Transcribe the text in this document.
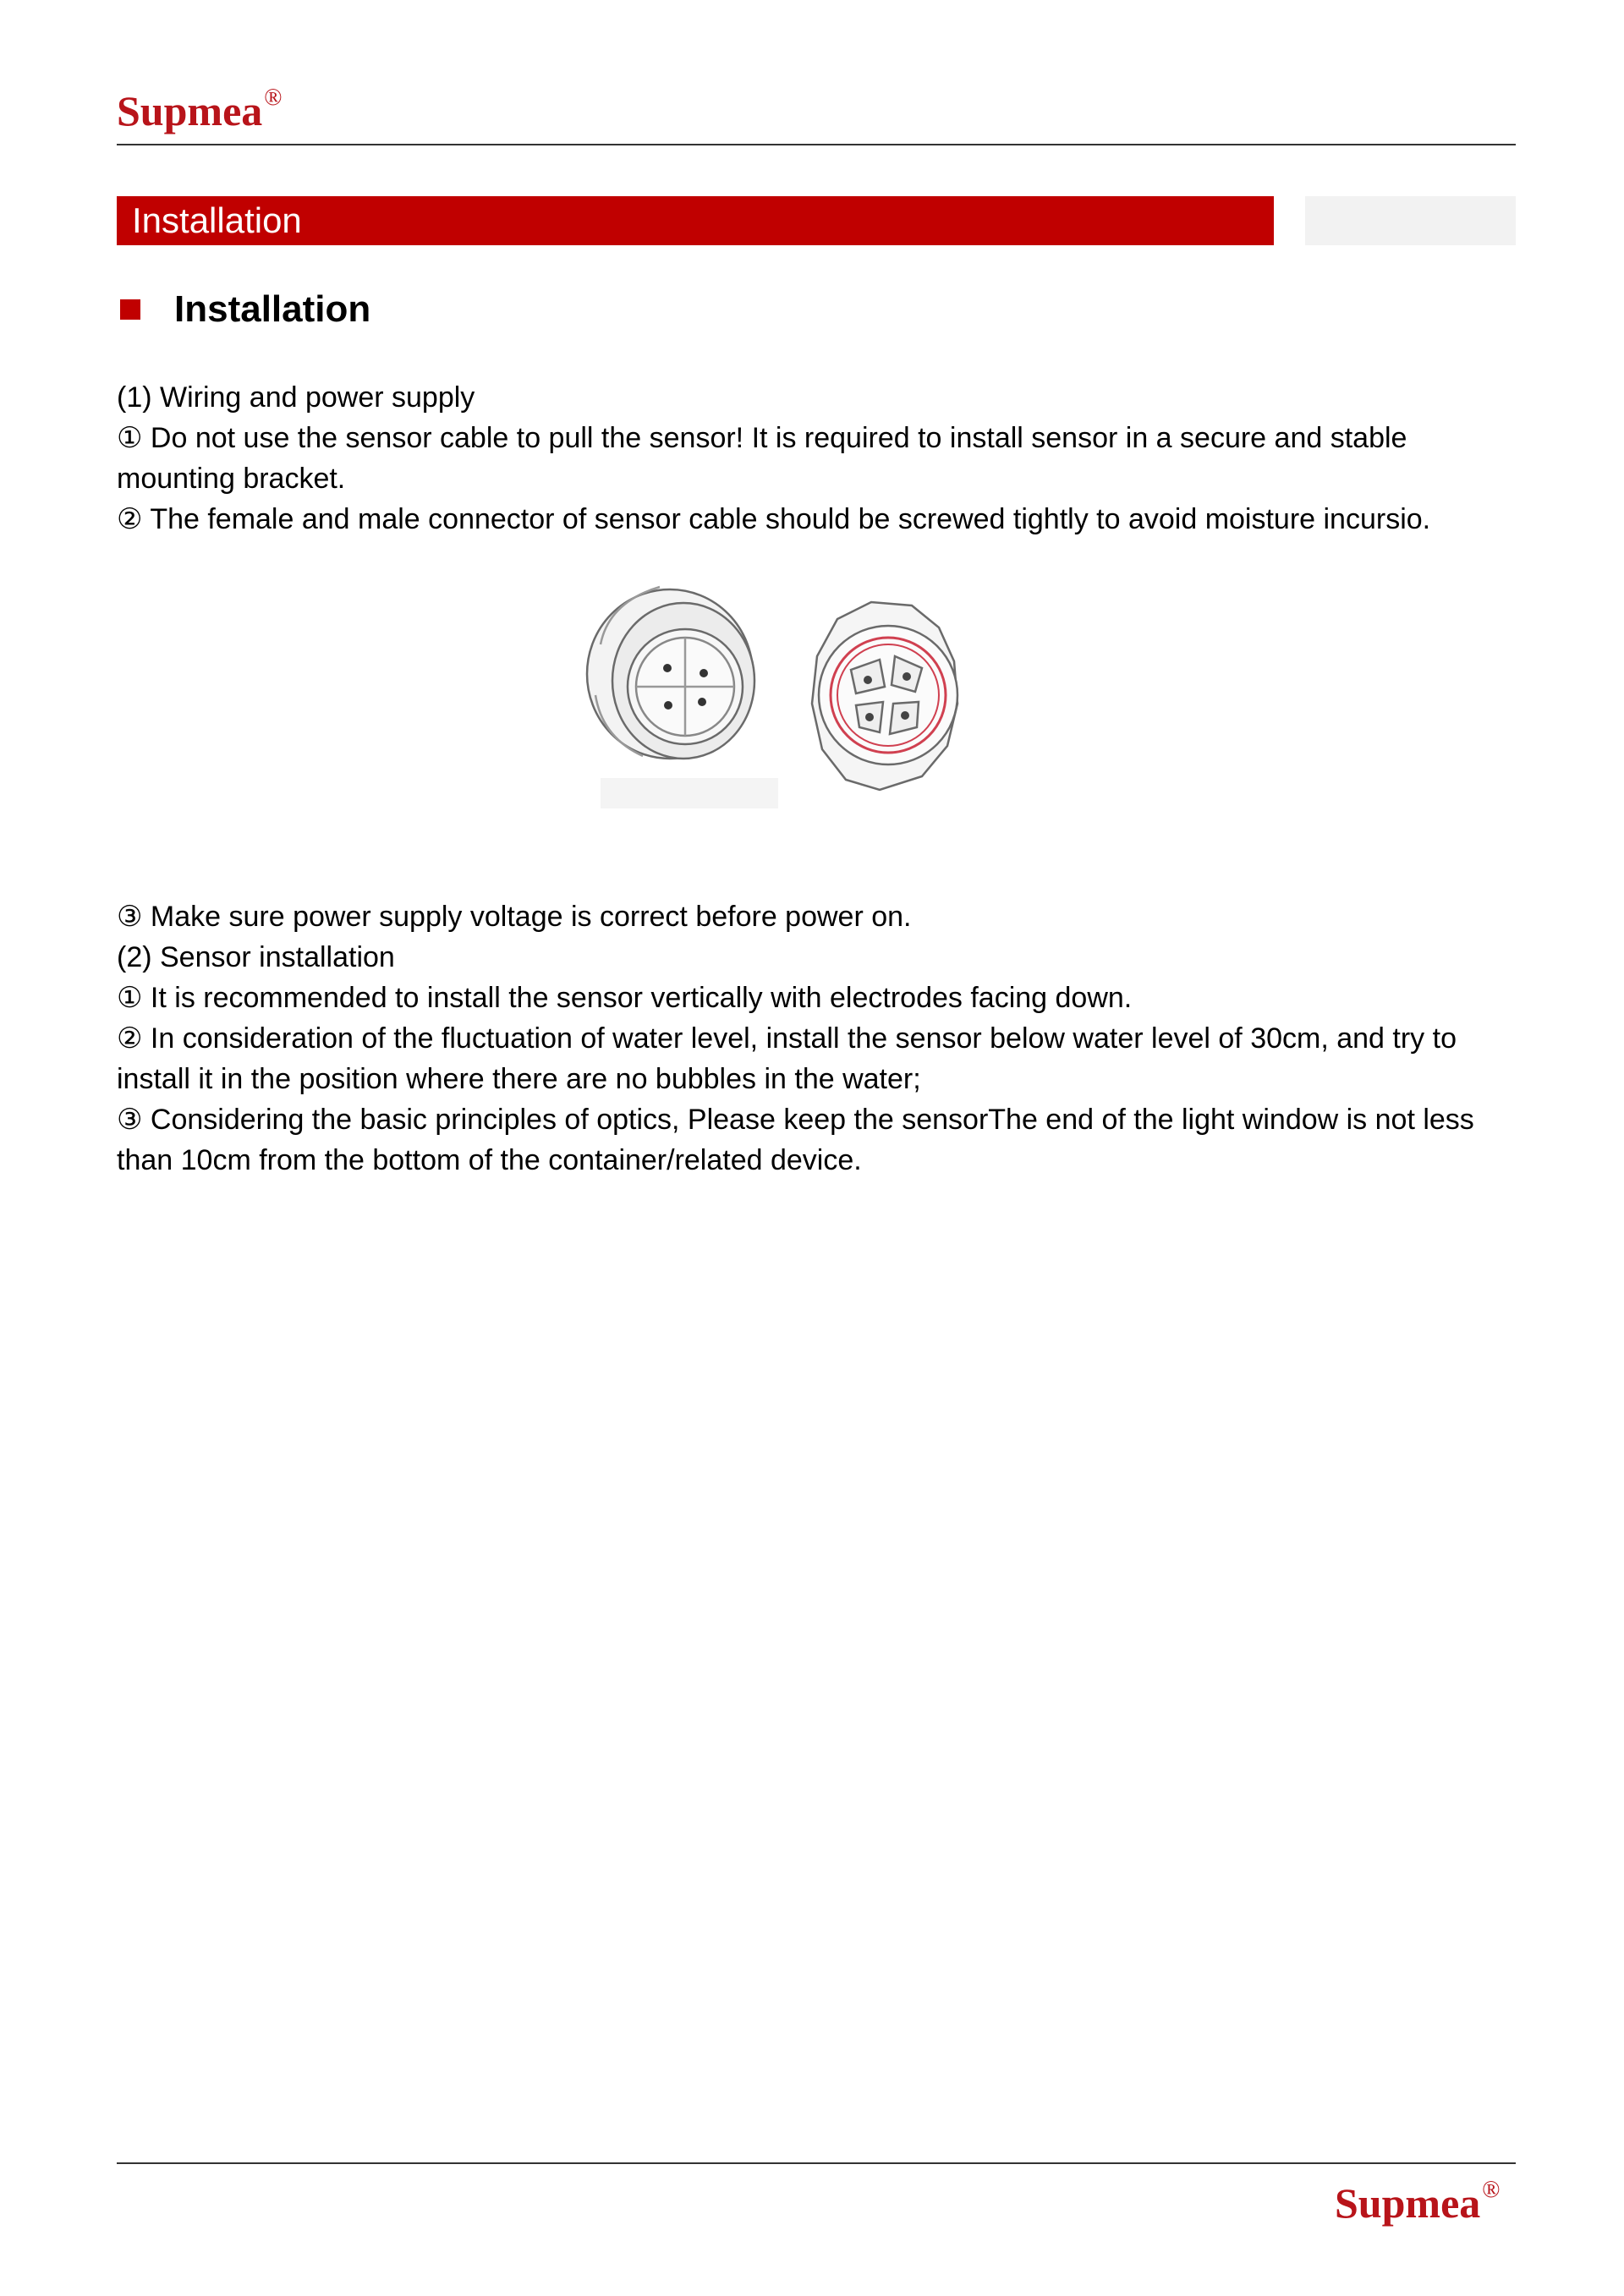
Supmea®
Installation
Installation

(1) Wiring and power supply

① Do not use the sensor cable to pull the sensor! It is required to install sensor in a secure and stable mounting bracket.

② The female and male connector of sensor cable should be screwed tightly to avoid moisture incursio.

③ Make sure power supply voltage is correct before power on.

(2) Sensor installation

① It is recommended to install the sensor vertically with electrodes facing down.

② In consideration of the fluctuation of water level, install the sensor below water level of 30cm, and try to install it in the position where there are no bubbles in the water;

③ Considering the basic principles of optics, Please keep the sensorThe end of the light window is not less than 10cm from the bottom of the container/related device.

Supmea®
